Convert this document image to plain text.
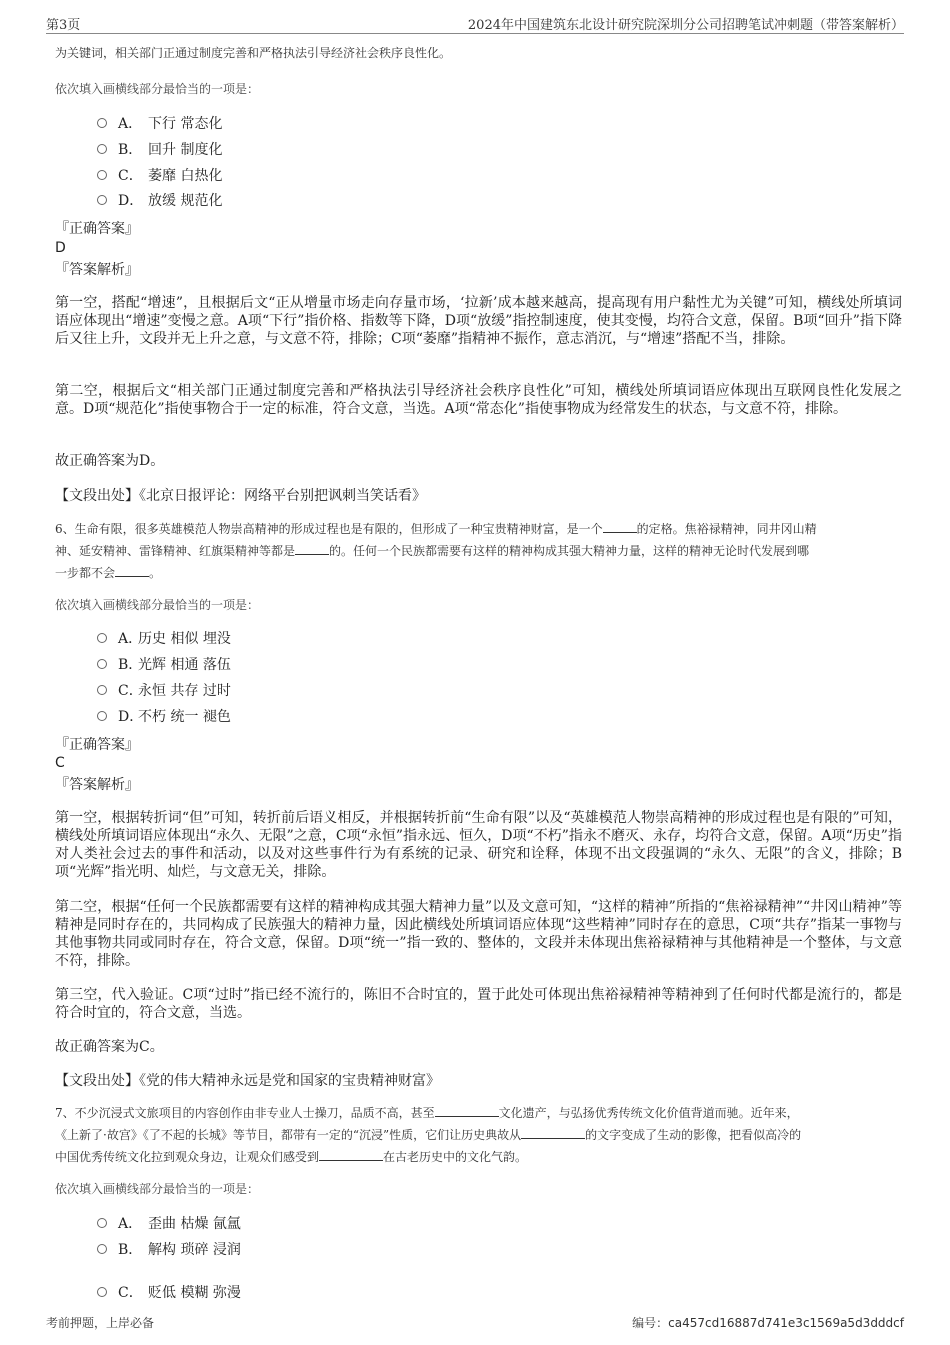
第3页	2024年中国建筑东北设计研究院深圳分公司招聘笔试冲刺题（带答案解析）
为关键词，相关部门正通过制度完善和严格执法引导经济社会秩序良性化。
依次填入画横线部分最恰当的一项是：
A． 下行 常态化
B． 回升 制度化
C． 萎靡 白热化
D． 放缓 规范化
『正确答案』
D
『答案解析』
第一空，搭配“增速”，且根据后文“正从增量市场走向存量市场，‘拉新’成本越来越高，提高现有用户黏性尤为关键”可知，横线处所填词语应体现出“增速”变慢之意。A项“下行”指价格、指数等下降，D项“放缓”指控制速度，使其变慢，均符合文意，保留。B项“回升”指下降后又往上升，文段并无上升之意，与文意不符，排除；C项“萎靡”指精神不振作，意志消沉，与“增速”搭配不当，排除。
第二空，根据后文“相关部门正通过制度完善和严格执法引导经济社会秩序良性化”可知，横线处所填词语应体现出互联网良性化发展之意。D项“规范化”指使事物合于一定的标准，符合文意，当选。A项“常态化”指使事物成为经常发生的状态，与文意不符，排除。
故正确答案为D。
【文段出处】《北京日报评论：网络平台别把讽刺当笑话看》
6、生命有限，很多英雄模范人物崇高精神的形成过程也是有限的，但形成了一种宝贵精神财富，是一个	的定格。焦裕禄精神，同井冈山精
神、延安精神、雷锋精神、红旗渠精神等都是	的。任何一个民族都需要有这样的精神构成其强大精神力量，这样的精神无论时代发展到哪
一步都不会	。
依次填入画横线部分最恰当的一项是：
A．历史 相似 埋没
B．光辉 相通 落伍
C．永恒 共存 过时
D．不朽 统一 褪色
『正确答案』
C
『答案解析』
第一空，根据转折词“但”可知，转折前后语义相反，并根据转折前“生命有限”以及“英雄模范人物崇高精神的形成过程也是有限的”可知，横线处所填词语应体现出“永久、无限”之意，C项“永恒”指永远、恒久，D项“不朽”指永不磨灭、永存，均符合文意，保留。A项“历史”指对人类社会过去的事件和活动，以及对这些事件行为有系统的记录、研究和诠释，体现不出文段强调的“永久、无限”的含义，排除；B项“光辉”指光明、灿烂，与文意无关，排除。
第二空，根据“任何一个民族都需要有这样的精神构成其强大精神力量”以及文意可知，“这样的精神”所指的“焦裕禄精神”“井冈山精神”等精神是同时存在的，共同构成了民族强大的精神力量，因此横线处所填词语应体现“这些精神”同时存在的意思，C项“共存”指某一事物与其他事物共同或同时存在，符合文意，保留。D项“统一”指一致的、整体的，文段并未体现出焦裕禄精神与其他精神是一个整体，与文意不符，排除。
第三空，代入验证。C项“过时”指已经不流行的，陈旧不合时宜的，置于此处可体现出焦裕禄精神等精神到了任何时代都是流行的，都是符合时宜的，符合文意，当选。
故正确答案为C。
【文段出处】《党的伟大精神永远是党和国家的宝贵精神财富》
7、不少沉浸式文旅项目的内容创作由非专业人士操刀，品质不高，甚至	文化遗产，与弘扬优秀传统文化价值背道而驰。近年来，
《上新了·故宫》《了不起的长城》等节目，都带有一定的“沉浸”性质，它们让历史典故从	的文字变成了生动的影像，把看似高冷的
中国优秀传统文化拉到观众身边，让观众们感受到	在古老历史中的文化气韵。
依次填入画横线部分最恰当的一项是：
A． 歪曲 枯燥 氤氲
B． 解构 琐碎 浸润
C． 贬低 模糊 弥漫
考前押题，上岸必备	编号：ca457cd16887d741e3c1569a5d3dddcf
